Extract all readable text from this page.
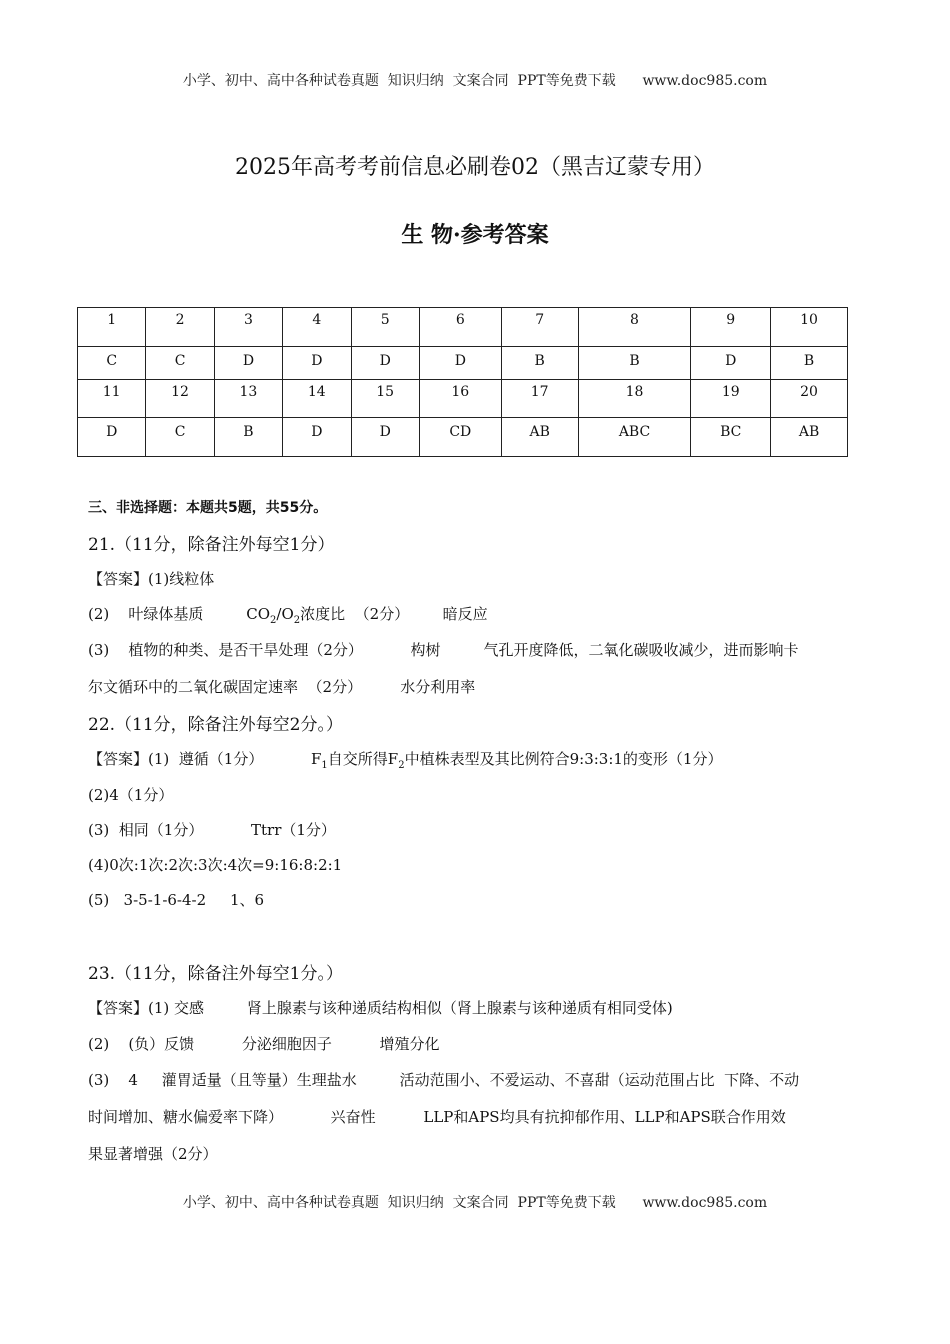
小学、初中、高中各种试卷真题  知识归纳  文案合同  PPT等免费下载      www.doc985.com
2025年高考考前信息必刷卷02（黑吉辽蒙专用）
生 物·参考答案
1	2	3	4	5	6	7	8	9	10
C	C	D	D	D	D	B	B	D	B
11	12	13	14	15	16	17	18	19	20
D	C	B	D	D	CD	AB	ABC	BC	AB
三、非选择题：本题共5题，共55分。
21.（11分，除备注外每空1分）
【答案】(1)线粒体
(2)    叶绿体基质         $CO_2/O_2$浓度比  （2分）       暗反应
(3)    植物的种类、是否干旱处理（2分）          构树         气孔开度降低，二氧化碳吸收减少，进而影响卡
尔文循环中的二氧化碳固定速率  （2分）        水分利用率
22.（11分，除备注外每空2分。）
【答案】(1)  遵循（1分）          $F_1$自交所得$F_2$中植株表型及其比例符合9:3:3:1的变形（1分）
(2)4（1分）
(3)  相同（1分）          Ttrr（1分）
(4)0次:1次:2次:3次:4次=9:16:8:2:1
(5)   3-5-1-6-4-2     1、6
23.（11分，除备注外每空1分。）
【答案】(1) 交感         肾上腺素与该种递质结构相似（肾上腺素与该种递质有相同受体)
(2)    (负）反馈          分泌细胞因子          增殖分化
(3)    4     灌胃适量（且等量）生理盐水         活动范围小、不爱运动、不喜甜（运动范围占比  下降、不动
时间增加、糖水偏爱率下降）          兴奋性          LLP和APS均具有抗抑郁作用、LLP和APS联合作用效
果显著增强（2分）
小学、初中、高中各种试卷真题  知识归纳  文案合同  PPT等免费下载      www.doc985.com
